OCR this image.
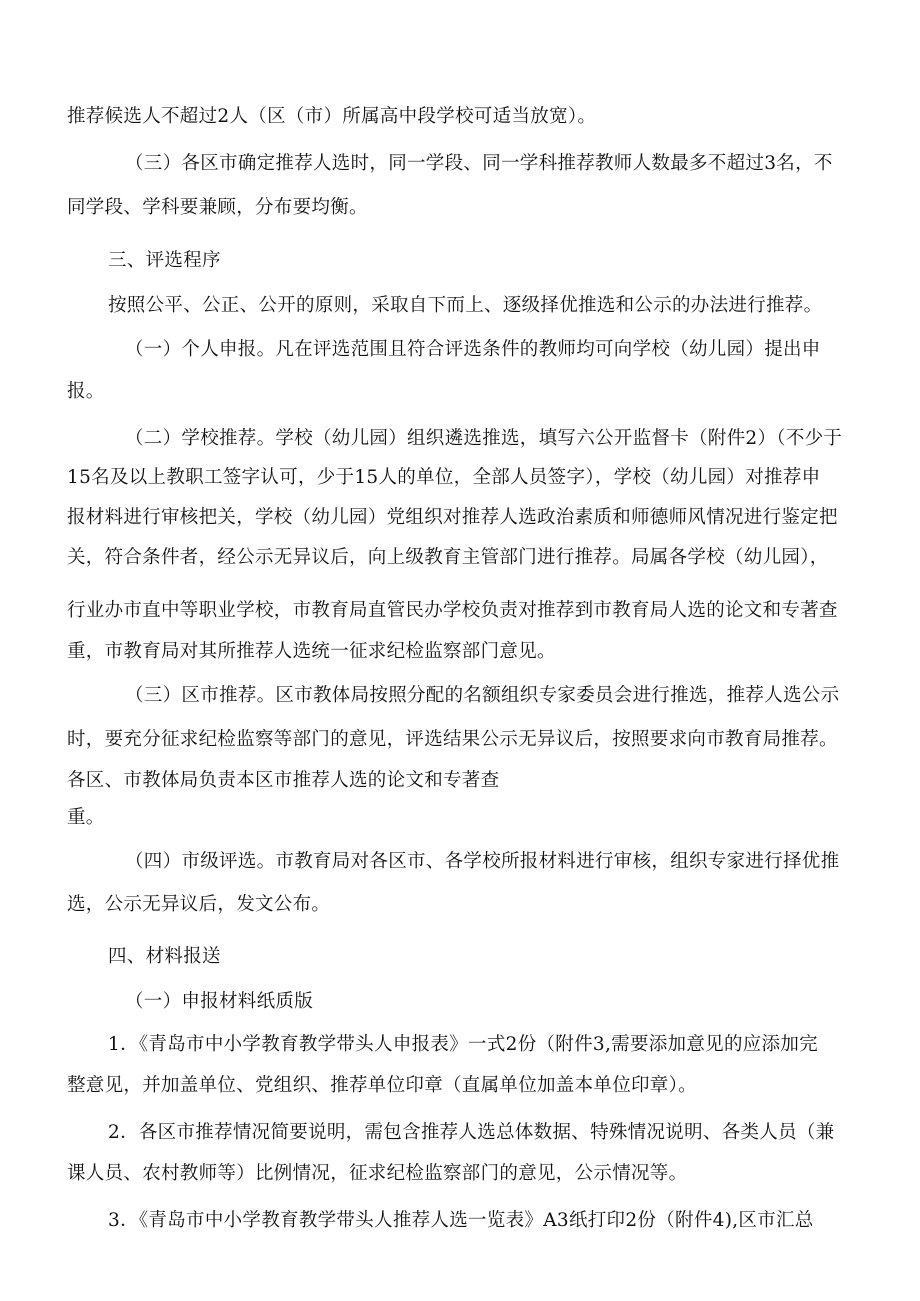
推荐候选人不超过2人（区（市）所属高中段学校可适当放宽）。
（三）各区市确定推荐人选时，同一学段、同一学科推荐教师人数最多不超过3名，不
同学段、学科要兼顾，分布要均衡。
三、评选程序
按照公平、公正、公开的原则，采取自下而上、逐级择优推选和公示的办法进行推荐。
（一）个人申报。凡在评选范围且符合评选条件的教师均可向学校（幼儿园）提出申
报。
（二）学校推荐。学校（幼儿园）组织遴选推选，填写六公开监督卡（附件2）（不少于
15名及以上教职工签字认可，少于15人的单位，全部人员签字），学校（幼儿园）对推荐申
报材料进行审核把关，学校（幼儿园）党组织对推荐人选政治素质和师德师风情况进行鉴定把
关，符合条件者，经公示无异议后，向上级教育主管部门进行推荐。局属各学校（幼儿园），
行业办市直中等职业学校，市教育局直管民办学校负责对推荐到市教育局人选的论文和专著查
重，市教育局对其所推荐人选统一征求纪检监察部门意见。
（三）区市推荐。区市教体局按照分配的名额组织专家委员会进行推选，推荐人选公示
时，要充分征求纪检监察等部门的意见，评选结果公示无异议后，按照要求向市教育局推荐。
各区、市教体局负责本区市推荐人选的论文和专著查
重。
（四）市级评选。市教育局对各区市、各学校所报材料进行审核，组织专家进行择优推
选，公示无异议后，发文公布。
四、材料报送
（一）申报材料纸质版
1．《青岛市中小学教育教学带头人申报表》一式2份（附件3,需要添加意见的应添加完
整意见，并加盖单位、党组织、推荐单位印章（直属单位加盖本单位印章）。
2．各区市推荐情况简要说明，需包含推荐人选总体数据、特殊情况说明、各类人员（兼
课人员、农村教师等）比例情况，征求纪检监察部门的意见，公示情况等。
3．《青岛市中小学教育教学带头人推荐人选一览表》A3纸打印2份（附件4),区市汇总
